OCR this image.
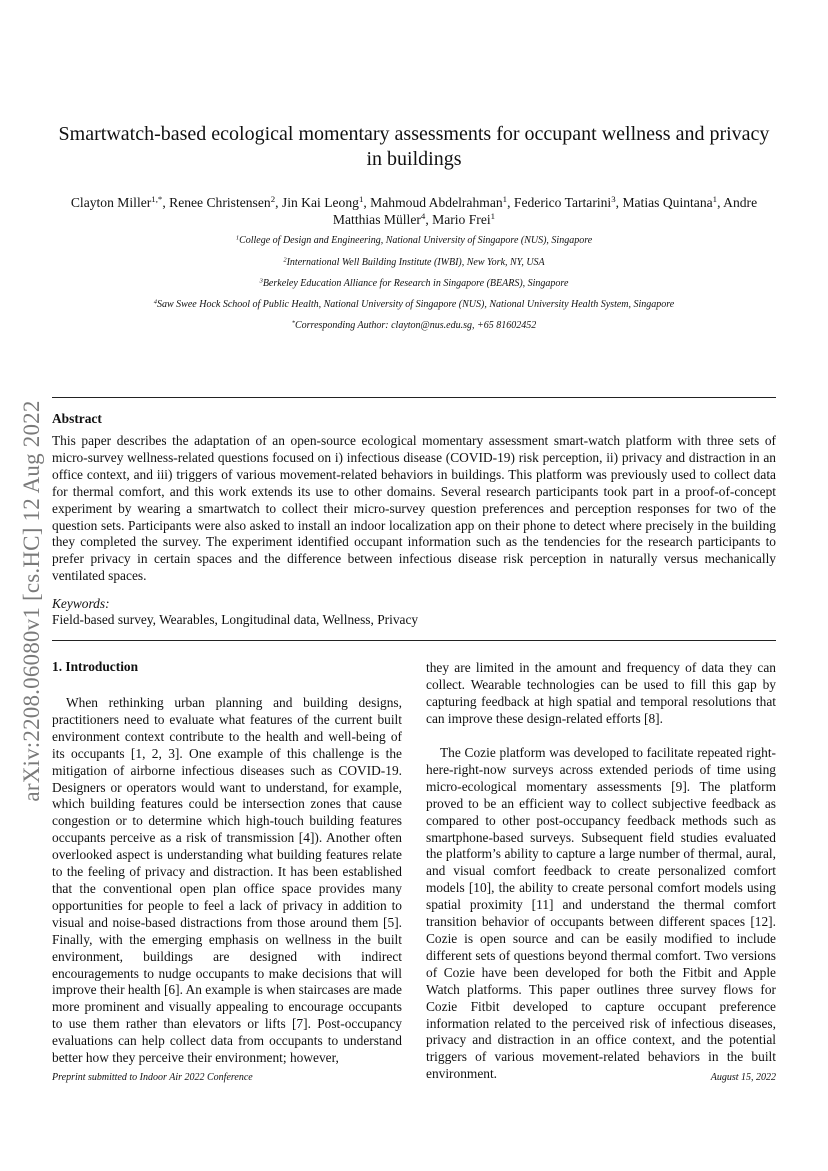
arXiv:2208.06080v1 [cs.HC] 12 Aug 2022
Smartwatch-based ecological momentary assessments for occupant wellness and privacy in buildings
Clayton Miller$^{1,*}$, Renee Christensen$^2$, Jin Kai Leong$^1$, Mahmoud Abdelrahman$^1$, Federico Tartarini$^3$, Matias Quintana$^1$, Andre Matthias Müller$^4$, Mario Frei$^1$
$^1$College of Design and Engineering, National University of Singapore (NUS), Singapore
$^2$International Well Building Institute (IWBI), New York, NY, USA
$^3$Berkeley Education Alliance for Research in Singapore (BEARS), Singapore
$^4$Saw Swee Hock School of Public Health, National University of Singapore (NUS), National University Health System, Singapore
*Corresponding Author: clayton@nus.edu.sg, +65 81602452
Abstract

This paper describes the adaptation of an open-source ecological momentary assessment smart-watch platform with three sets of micro-survey wellness-related questions focused on i) infectious disease (COVID-19) risk perception, ii) privacy and distraction in an office context, and iii) triggers of various movement-related behaviors in buildings. This platform was previously used to collect data for thermal comfort, and this work extends its use to other domains. Several research participants took part in a proof-of-concept experiment by wearing a smartwatch to collect their micro-survey question preferences and perception responses for two of the question sets. Participants were also asked to install an indoor localization app on their phone to detect where precisely in the building they completed the survey. The experiment identified occupant information such as the tendencies for the research participants to prefer privacy in certain spaces and the difference between infectious disease risk perception in naturally versus mechanically ventilated spaces.

Keywords:
Field-based survey, Wearables, Longitudinal data, Wellness, Privacy
1. Introduction

When rethinking urban planning and building designs, practitioners need to evaluate what features of the current built environment context contribute to the health and well-being of its occupants [1, 2, 3]. One example of this challenge is the mitigation of airborne infectious diseases such as COVID-19. Designers or operators would want to understand, for example, which building features could be intersection zones that cause congestion or to determine which high-touch building features occupants perceive as a risk of transmission [4]). Another often overlooked aspect is understanding what building features relate to the feeling of privacy and distraction. It has been established that the conventional open plan office space provides many opportunities for people to feel a lack of privacy in addition to visual and noise-based distractions from those around them [5]. Finally, with the emerging emphasis on wellness in the built environment, buildings are designed with indirect encouragements to nudge occupants to make decisions that will improve their health [6]. An example is when staircases are made more prominent and visually appealing to encourage occupants to use them rather than elevators or lifts [7]. Post-occupancy evaluations can help collect data from occupants to understand better how they perceive their environment; however,

they are limited in the amount and frequency of data they can collect. Wearable technologies can be used to fill this gap by capturing feedback at high spatial and temporal resolutions that can improve these design-related efforts [8].

The Cozie platform was developed to facilitate repeated right-here-right-now surveys across extended periods of time using micro-ecological momentary assessments [9]. The platform proved to be an efficient way to collect subjective feedback as compared to other post-occupancy feedback methods such as smartphone-based surveys. Subsequent field studies evaluated the platform’s ability to capture a large number of thermal, aural, and visual comfort feedback to create personalized comfort models [10], the ability to create personal comfort models using spatial proximity [11] and understand the thermal comfort transition behavior of occupants between different spaces [12]. Cozie is open source and can be easily modified to include different sets of questions beyond thermal comfort. Two versions of Cozie have been developed for both the Fitbit and Apple Watch platforms. This paper outlines three survey flows for Cozie Fitbit developed to capture occupant preference information related to the perceived risk of infectious diseases, privacy and distraction in an office context, and the potential triggers of various movement-related behaviors in the built environment.

Preprint submitted to Indoor Air 2022 Conference	August 15, 2022
